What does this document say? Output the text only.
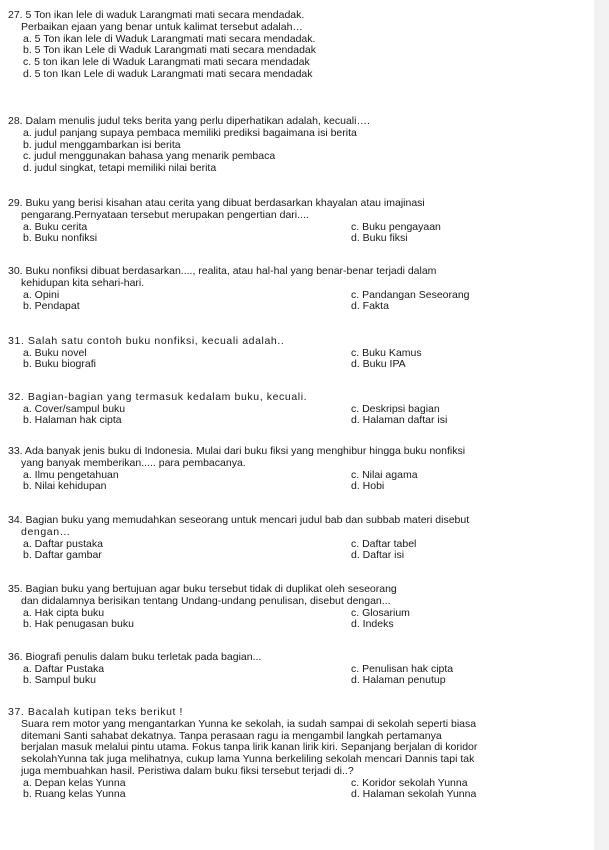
27. 5 Ton ikan lele di waduk Larangmati mati secara mendadak.

Perbaikan ejaan yang benar untuk kalimat tersebut adalah…

a. 5 Ton ikan lele di Waduk Larangmati mati secara mendadak.
b. 5 Ton ikan Lele di Waduk Larangmati mati secara mendadak
c. 5 ton ikan lele di Waduk Larangmati mati secara mendadak
d. 5 ton Ikan Lele di waduk Larangmati mati secara mendadak

28. Dalam menulis judul teks berita yang perlu diperhatikan adalah, kecuali….

a. judul panjang supaya pembaca memiliki prediksi bagaimana isi berita
b. judul menggambarkan isi berita
c. judul menggunakan bahasa yang menarik pembaca
d. judul singkat, tetapi memiliki nilai berita

29. Buku yang berisi kisahan atau cerita yang dibuat berdasarkan khayalan atau imajinasi

pengarang.Pernyataan tersebut merupakan pengertian dari....

a. Buku cerita	c. Buku pengayaan
b. Buku nonfiksi	d. Buku fiksi

30. Buku nonfiksi dibuat berdasarkan...., realita, atau hal-hal yang benar-benar terjadi dalam

kehidupan kita sehari-hari.

a. Opini	c. Pandangan Seseorang
b. Pendapat	d. Fakta

31. Salah satu contoh buku nonfiksi, kecuali adalah..

a. Buku novel	c. Buku Kamus
b. Buku biografi	d. Buku IPA

32. Bagian-bagian yang termasuk kedalam buku, kecuali.

a. Cover/sampul buku	c. Deskripsi bagian
b. Halaman hak cipta	d. Halaman daftar isi

33. Ada banyak jenis buku di Indonesia. Mulai dari buku fiksi yang menghibur hingga buku nonfiksi

yang banyak memberikan..... para pembacanya.

a. Ilmu pengetahuan	c. Nilai agama
b. Nilai kehidupan	d. Hobi

34. Bagian buku yang memudahkan seseorang untuk mencari judul bab dan subbab materi disebut

dengan…

a. Daftar pustaka	c. Daftar tabel
b. Daftar gambar	d. Daftar isi

35. Bagian buku yang bertujuan agar buku tersebut tidak di duplikat oleh seseorang

dan didalamnya berisikan tentang Undang-undang penulisan, disebut dengan...

a. Hak cipta buku	c. Glosarium
b. Hak penugasan buku	d. Indeks

36. Biografi penulis dalam buku terletak pada bagian...

a. Daftar Pustaka	c. Penulisan hak cipta
b. Sampul buku	d. Halaman penutup

37. Bacalah kutipan teks berikut !

Suara rem motor yang mengantarkan Yunna ke sekolah, ia sudah sampai di sekolah seperti biasa

ditemani Santi sahabat dekatnya. Tanpa perasaan ragu ia mengambil langkah pertamanya

berjalan masuk melalui pintu utama. Fokus tanpa lirik kanan lirik kiri. Sepanjang berjalan di koridor

sekolahYunna tak juga melihatnya, cukup lama Yunna berkeliling sekolah mencari Dannis tapi tak

juga membuahkan hasil. Peristiwa dalam buku fiksi tersebut terjadi di..?

a. Depan kelas Yunna	c. Koridor sekolah Yunna
b. Ruang kelas Yunna	d. Halaman sekolah Yunna
